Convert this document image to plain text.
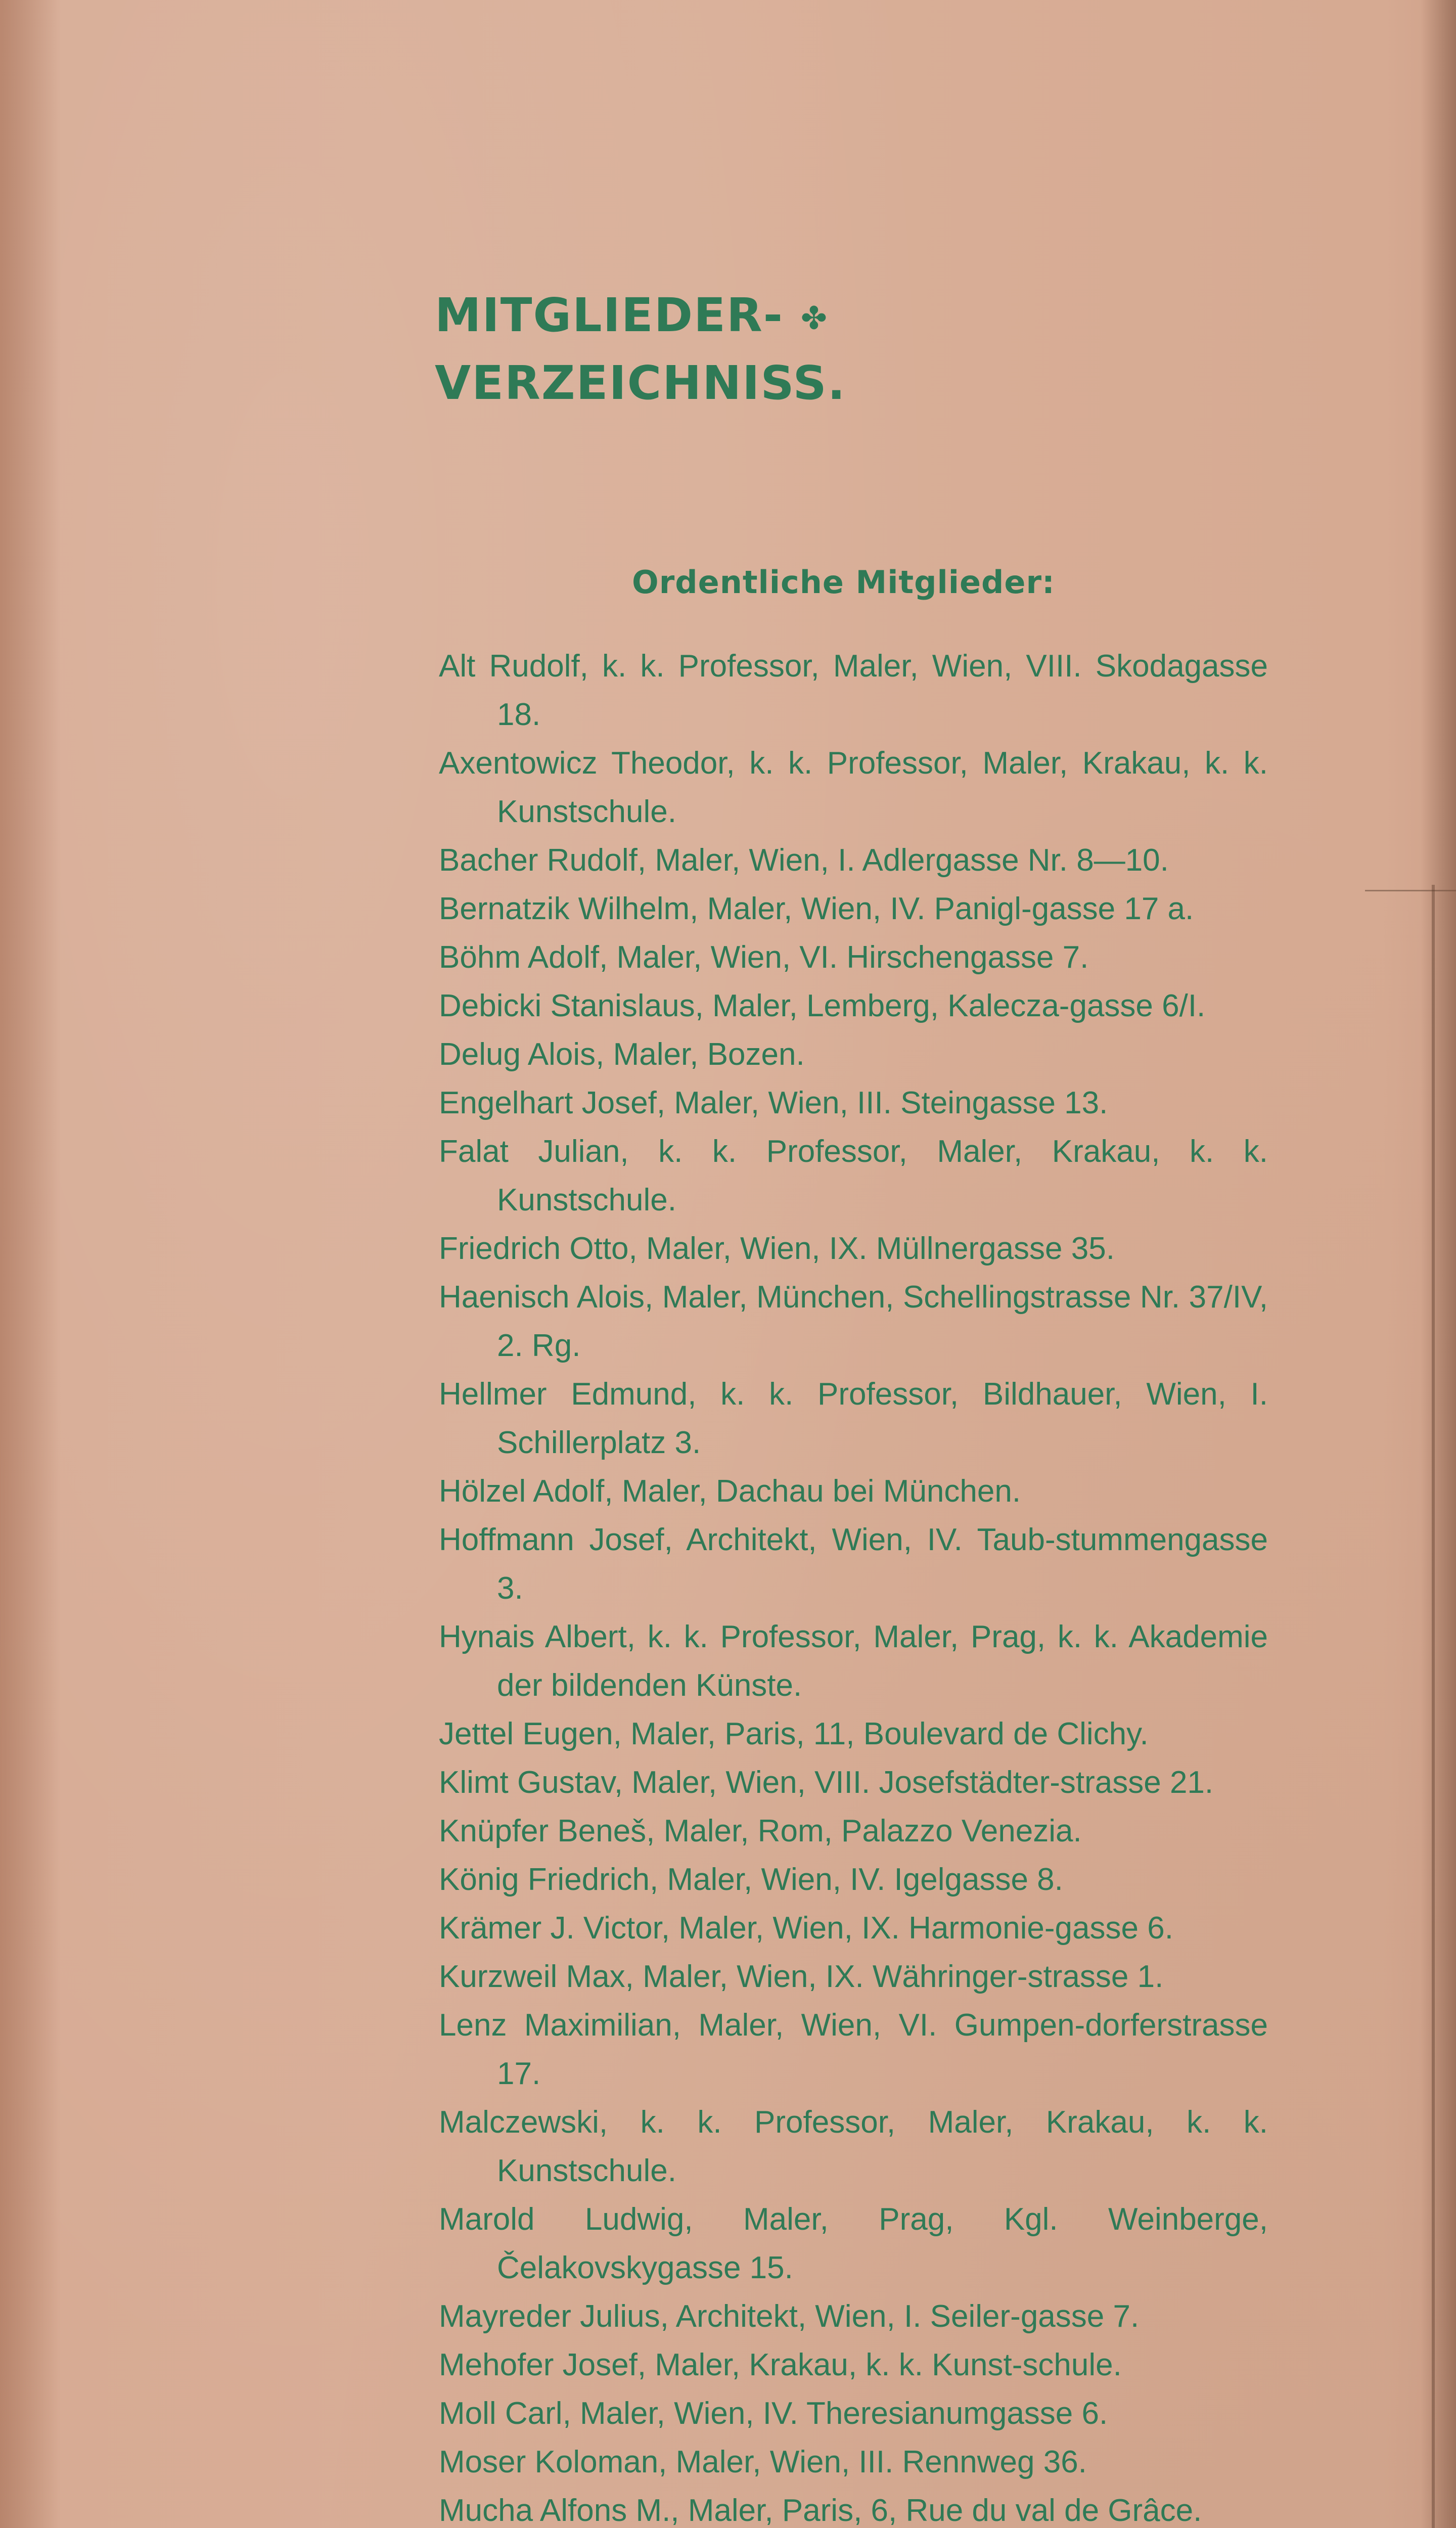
MITGLIEDER- ✤
VERZEICHNISS.
Ordentliche Mitglieder:

Alt Rudolf, k. k. Professor, Maler, Wien, VIII. Skodagasse 18.

Axentowicz Theodor, k. k. Professor, Maler, Krakau, k. k. Kunstschule.

Bacher Rudolf, Maler, Wien, I. Adlergasse Nr. 8—10.

Bernatzik Wilhelm, Maler, Wien, IV. Panigl-gasse 17 a.

Böhm Adolf, Maler, Wien, VI. Hirschengasse 7.

Debicki Stanislaus, Maler, Lemberg, Kalecza-gasse 6/I.

Delug Alois, Maler, Bozen.

Engelhart Josef, Maler, Wien, III. Steingasse 13.

Falat Julian, k. k. Professor, Maler, Krakau, k. k. Kunstschule.

Friedrich Otto, Maler, Wien, IX. Müllnergasse 35.

Haenisch Alois, Maler, München, Schellingstrasse Nr. 37/IV, 2. Rg.

Hellmer Edmund, k. k. Professor, Bildhauer, Wien, I. Schillerplatz 3.

Hölzel Adolf, Maler, Dachau bei München.

Hoffmann Josef, Architekt, Wien, IV. Taub-stummengasse 3.

Hynais Albert, k. k. Professor, Maler, Prag, k. k. Akademie der bildenden Künste.

Jettel Eugen, Maler, Paris, 11, Boulevard de Clichy.

Klimt Gustav, Maler, Wien, VIII. Josefstädter-strasse 21.

Knüpfer Beneš, Maler, Rom, Palazzo Venezia.

König Friedrich, Maler, Wien, IV. Igelgasse 8.

Krämer J. Victor, Maler, Wien, IX. Harmonie-gasse 6.

Kurzweil Max, Maler, Wien, IX. Währinger-strasse 1.

Lenz Maximilian, Maler, Wien, VI. Gumpen-dorferstrasse 17.

Malczewski, k. k. Professor, Maler, Krakau, k. k. Kunstschule.

Marold Ludwig, Maler, Prag, Kgl. Weinberge, Čelakovskygasse 15.

Mayreder Julius, Architekt, Wien, I. Seiler-gasse 7.

Mehofer Josef, Maler, Krakau, k. k. Kunst-schule.

Moll Carl, Maler, Wien, IV. Theresianumgasse 6.

Moser Koloman, Maler, Wien, III. Rennweg 36.

Mucha Alfons M., Maler, Paris, 6, Rue du val de Grâce.
